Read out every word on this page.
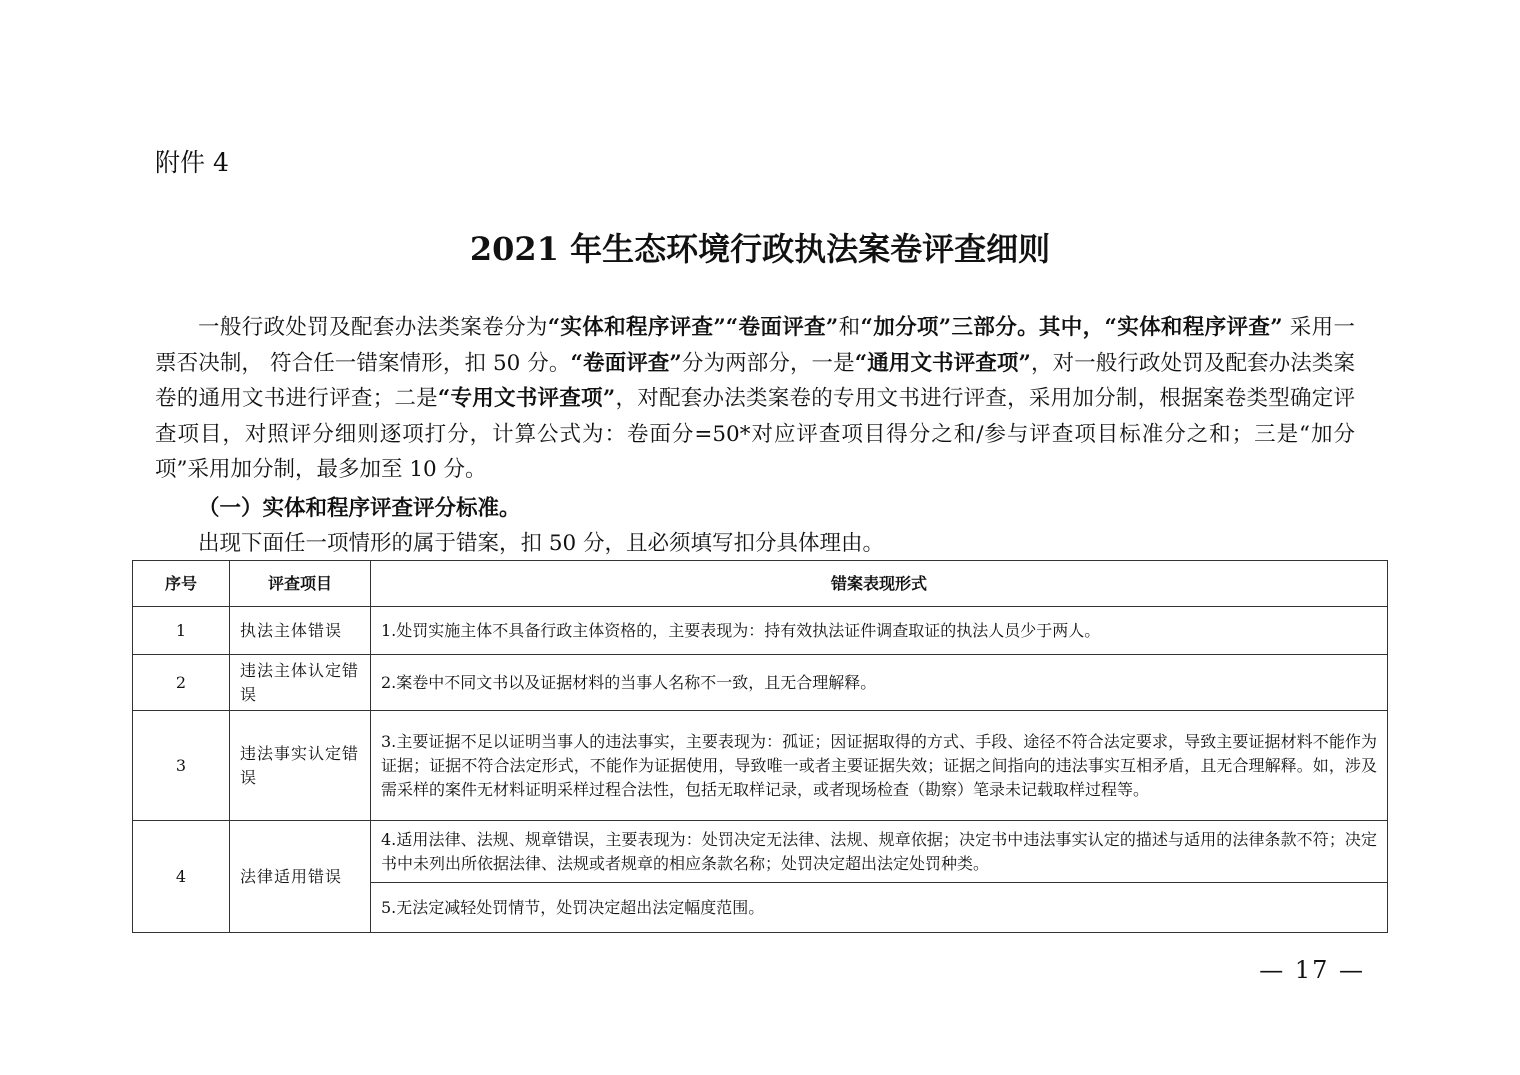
附件 4
2021 年生态环境行政执法案卷评查细则

一般行政处罚及配套办法类案卷分为“实体和程序评查”“卷面评查”和“加分项”三部分。其中，“实体和程序评查” 采用一票否决制， 符合任一错案情形，扣 50 分。“卷面评查”分为两部分，一是“通用文书评查项”，对一般行政处罚及配套办法类案卷的通用文书进行评查；二是“专用文书评查项”，对配套办法类案卷的专用文书进行评查，采用加分制，根据案卷类型确定评查项目，对照评分细则逐项打分，计算公式为：卷面分=50*对应评查项目得分之和/参与评查项目标准分之和；三是“加分项”采用加分制，最多加至 10 分。

（一）实体和程序评查评分标准。

出现下面任一项情形的属于错案，扣 50 分，且必须填写扣分具体理由。

序号	评查项目	错案表现形式
1	执法主体错误	1.处罚实施主体不具备行政主体资格的，主要表现为：持有效执法证件调查取证的执法人员少于两人。
2	违法主体认定错误	2.案卷中不同文书以及证据材料的当事人名称不一致，且无合理解释。
3	违法事实认定错误	3.主要证据不足以证明当事人的违法事实，主要表现为：孤证；因证据取得的方式、手段、途径不符合法定要求，导致主要证据材料不能作为证据；证据不符合法定形式，不能作为证据使用，导致唯一或者主要证据失效；证据之间指向的违法事实互相矛盾，且无合理解释。如，涉及需采样的案件无材料证明采样过程合法性，包括无取样记录，或者现场检查（勘察）笔录未记载取样过程等。
4	法律适用错误	4.适用法律、法规、规章错误，主要表现为：处罚决定无法律、法规、规章依据；决定书中违法事实认定的描述与适用的法律条款不符；决定书中未列出所依据法律、法规或者规章的相应条款名称；处罚决定超出法定处罚种类。
		5.无法定减轻处罚情节，处罚决定超出法定幅度范围。
— 17 —
